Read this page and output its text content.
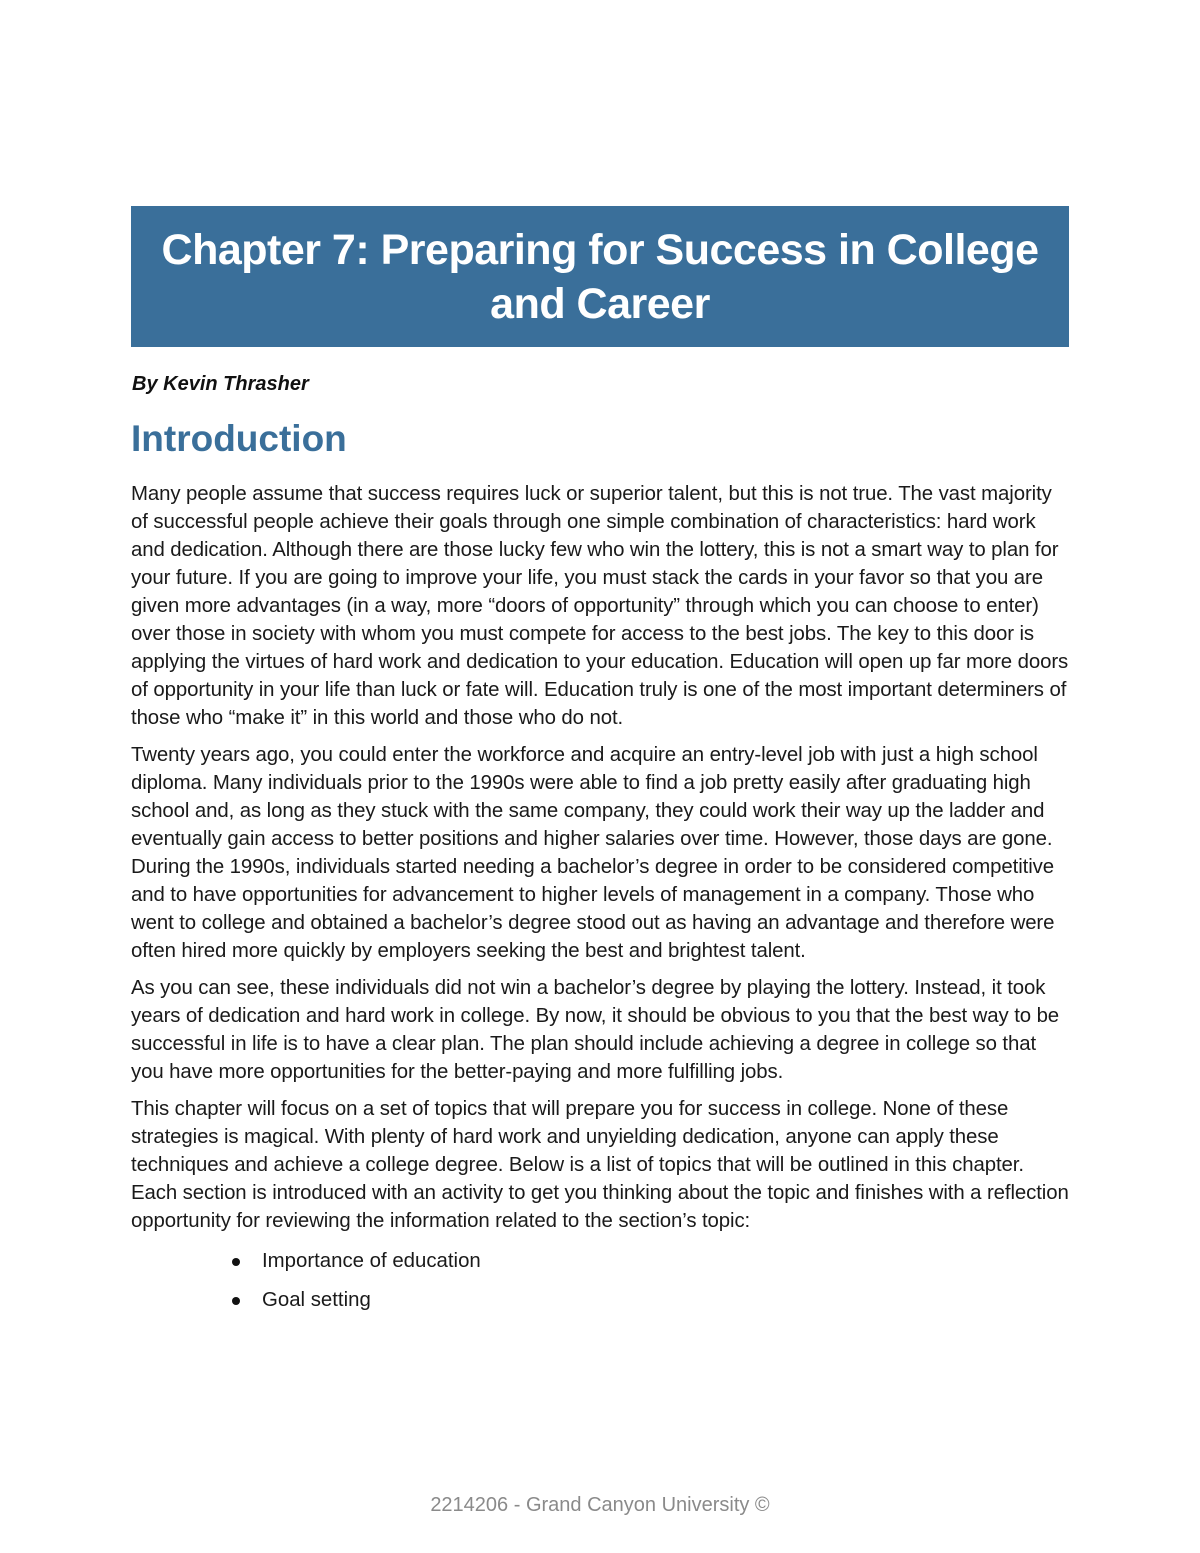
Chapter 7: Preparing for Success in College and Career
By Kevin Thrasher
Introduction

Many people assume that success requires luck or superior talent, but this is not true. The vast majority of successful people achieve their goals through one simple combination of characteristics: hard work and dedication. Although there are those lucky few who win the lottery, this is not a smart way to plan for your future. If you are going to improve your life, you must stack the cards in your favor so that you are given more advantages (in a way, more “doors of opportunity” through which you can choose to enter) over those in society with whom you must compete for access to the best jobs. The key to this door is applying the virtues of hard work and dedication to your education. Education will open up far more doors of opportunity in your life than luck or fate will. Education truly is one of the most important determiners of those who “make it” in this world and those who do not.

Twenty years ago, you could enter the workforce and acquire an entry-level job with just a high school diploma. Many individuals prior to the 1990s were able to find a job pretty easily after graduating high school and, as long as they stuck with the same company, they could work their way up the ladder and eventually gain access to better positions and higher salaries over time. However, those days are gone. During the 1990s, individuals started needing a bachelor’s degree in order to be considered competitive and to have opportunities for advancement to higher levels of management in a company. Those who went to college and obtained a bachelor’s degree stood out as having an advantage and therefore were often hired more quickly by employers seeking the best and brightest talent.

As you can see, these individuals did not win a bachelor’s degree by playing the lottery. Instead, it took years of dedication and hard work in college. By now, it should be obvious to you that the best way to be successful in life is to have a clear plan. The plan should include achieving a degree in college so that you have more opportunities for the better-paying and more fulfilling jobs.

This chapter will focus on a set of topics that will prepare you for success in college. None of these strategies is magical. With plenty of hard work and unyielding dedication, anyone can apply these techniques and achieve a college degree. Below is a list of topics that will be outlined in this chapter. Each section is introduced with an activity to get you thinking about the topic and finishes with a reflection opportunity for reviewing the information related to the section’s topic:

Importance of education
Goal setting
2214206 - Grand Canyon University ©
